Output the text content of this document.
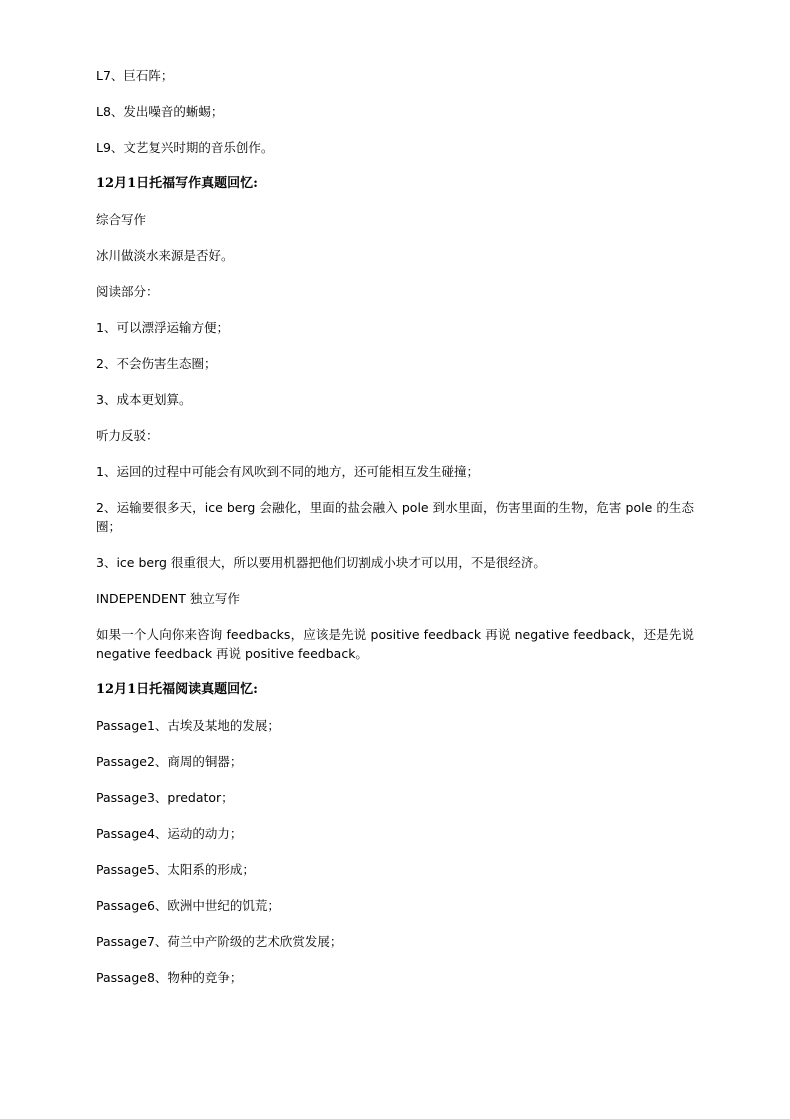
L7、巨石阵；

L8、发出噪音的蜥蜴；

L9、文艺复兴时期的音乐创作。

12月1日托福写作真题回忆:

综合写作

冰川做淡水来源是否好。

阅读部分：

1、可以漂浮运输方便；

2、不会伤害生态圈；

3、成本更划算。

听力反驳：

1、运回的过程中可能会有风吹到不同的地方，还可能相互发生碰撞；

2、运输要很多天，ice berg 会融化，里面的盐会融入 pole 到水里面，伤害里面的生物，危害 pole 的生态圈；

3、ice berg 很重很大，所以要用机器把他们切割成小块才可以用，不是很经济。

INDEPENDENT 独立写作

如果一个人向你来咨询 feedbacks，应该是先说 positive feedback 再说 negative feedback，还是先说 negative feedback 再说 positive feedback。

12月1日托福阅读真题回忆:

Passage1、古埃及某地的发展；

Passage2、商周的铜器；

Passage3、predator；

Passage4、运动的动力；

Passage5、太阳系的形成；

Passage6、欧洲中世纪的饥荒；

Passage7、荷兰中产阶级的艺术欣赏发展；

Passage8、物种的竞争；
